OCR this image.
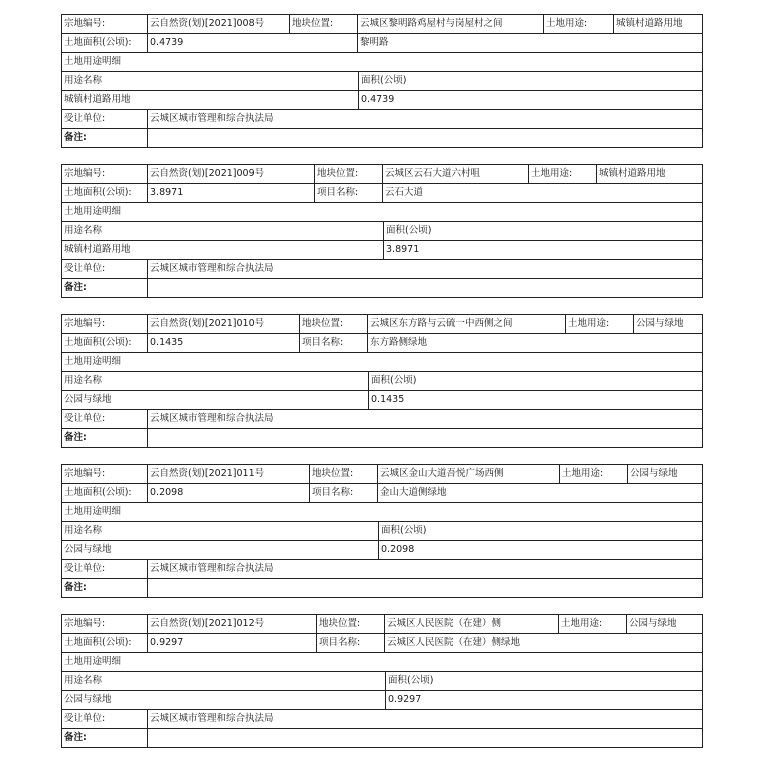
宗地编号:	云自然资(划)[2021]008号	地块位置:	云城区黎明路鸡屋村与岗屋村之间	土地用途:	城镇村道路用地
土地面积(公顷):	0.4739	黎明路
土地用途明细
用途名称	面积(公顷)
城镇村道路用地	0.4739
受让单位:	云城区城市管理和综合执法局
备注:
宗地编号:	云自然资(划)[2021]009号	地块位置:	云城区云石大道六村咀	土地用途:	城镇村道路用地
土地面积(公顷):	3.8971	项目名称:	云石大道
土地用途明细
用途名称	面积(公顷)
城镇村道路用地	3.8971
受让单位:	云城区城市管理和综合执法局
备注:
宗地编号:	云自然资(划)[2021]010号	地块位置:	云城区东方路与云硫一中西侧之间	土地用途:	公园与绿地
土地面积(公顷):	0.1435	项目名称:	东方路侧绿地
土地用途明细
用途名称	面积(公顷)
公园与绿地	0.1435
受让单位:	云城区城市管理和综合执法局
备注:
宗地编号:	云自然资(划)[2021]011号	地块位置:	云城区金山大道吾悦广场西侧	土地用途:	公园与绿地
土地面积(公顷):	0.2098	项目名称:	金山大道侧绿地
土地用途明细
用途名称	面积(公顷)
公园与绿地	0.2098
受让单位:	云城区城市管理和综合执法局
备注:
宗地编号:	云自然资(划)[2021]012号	地块位置:	云城区人民医院（在建）侧	土地用途:	公园与绿地
土地面积(公顷):	0.9297	项目名称:	云城区人民医院（在建）侧绿地
土地用途明细
用途名称	面积(公顷)
公园与绿地	0.9297
受让单位:	云城区城市管理和综合执法局
备注:
